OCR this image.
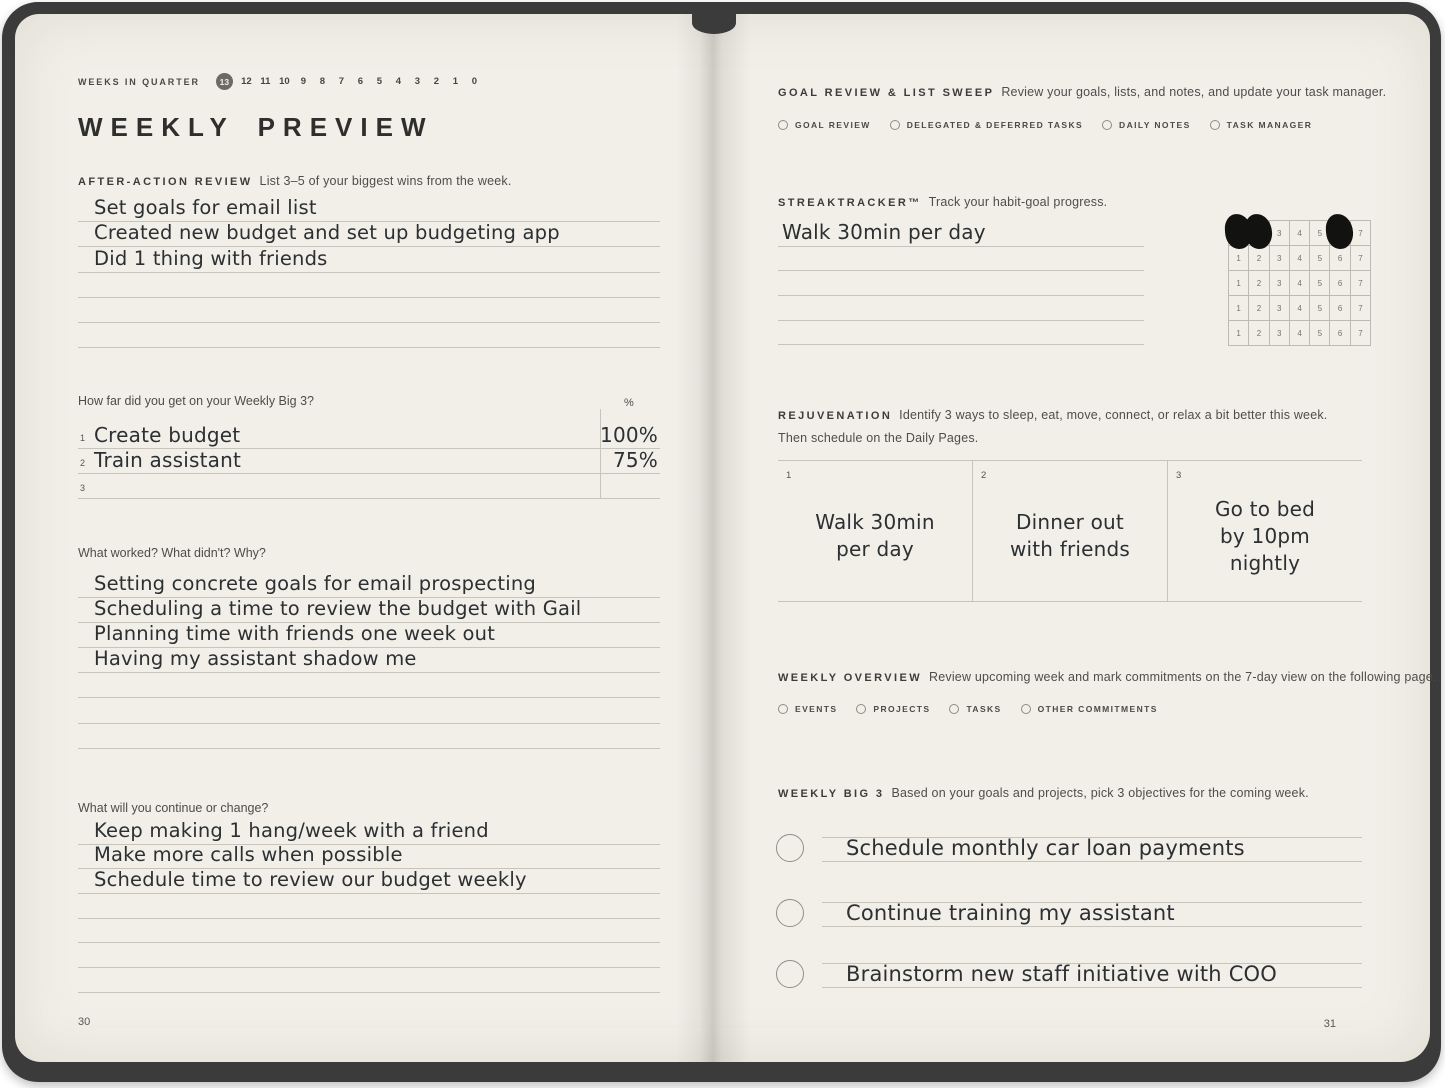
WEEKS IN QUARTER	13	12 11 10	9	8	7	6	5	4	3	2	1	0
WEEKLY PREVIEW
AFTER-ACTION REVIEW List 3–5 of your biggest wins from the week.
Set goals for email list
Created new budget and set up budgeting app
Did 1 thing with friends
How far did you get on your Weekly Big 3?	%
1 Create budget	100%
2 Train assistant	75%
3
What worked? What didn't? Why?
Setting concrete goals for email prospecting
Scheduling a time to review the budget with Gail
Planning time with friends one week out
Having my assistant shadow me
What will you continue or change?
Keep making 1 hang/week with a friend
Make more calls when possible
Schedule time to review our budget weekly
30
GOAL REVIEW & LIST SWEEP Review your goals, lists, and notes, and update your task manager.
GOAL REVIEW	DELEGATED & DEFERRED TASKS	DAILY NOTES	TASK MANAGER
STREAKTRACKER™ Track your habit-goal progress.
Walk 30min per day	3 4 5	7
1 2 3 4 5 6 7
1 2 3 4 5 6 7
1 2 3 4 5 6 7
1 2 3 4 5 6 7
REJUVENATION Identify 3 ways to sleep, eat, move, connect, or relax a bit better this week.
Then schedule on the Daily Pages.
1
Walk 30min
per day
2
Dinner out
with friends
3
Go to bed
by 10pm
nightly
WEEKLY OVERVIEW Review upcoming week and mark commitments on the 7-day view on the following page.
EVENTS	PROJECTS	TASKS	OTHER COMMITMENTS
WEEKLY BIG 3 Based on your goals and projects, pick 3 objectives for the coming week.
Schedule monthly car loan payments
Continue training my assistant
Brainstorm new staff initiative with COO
31
